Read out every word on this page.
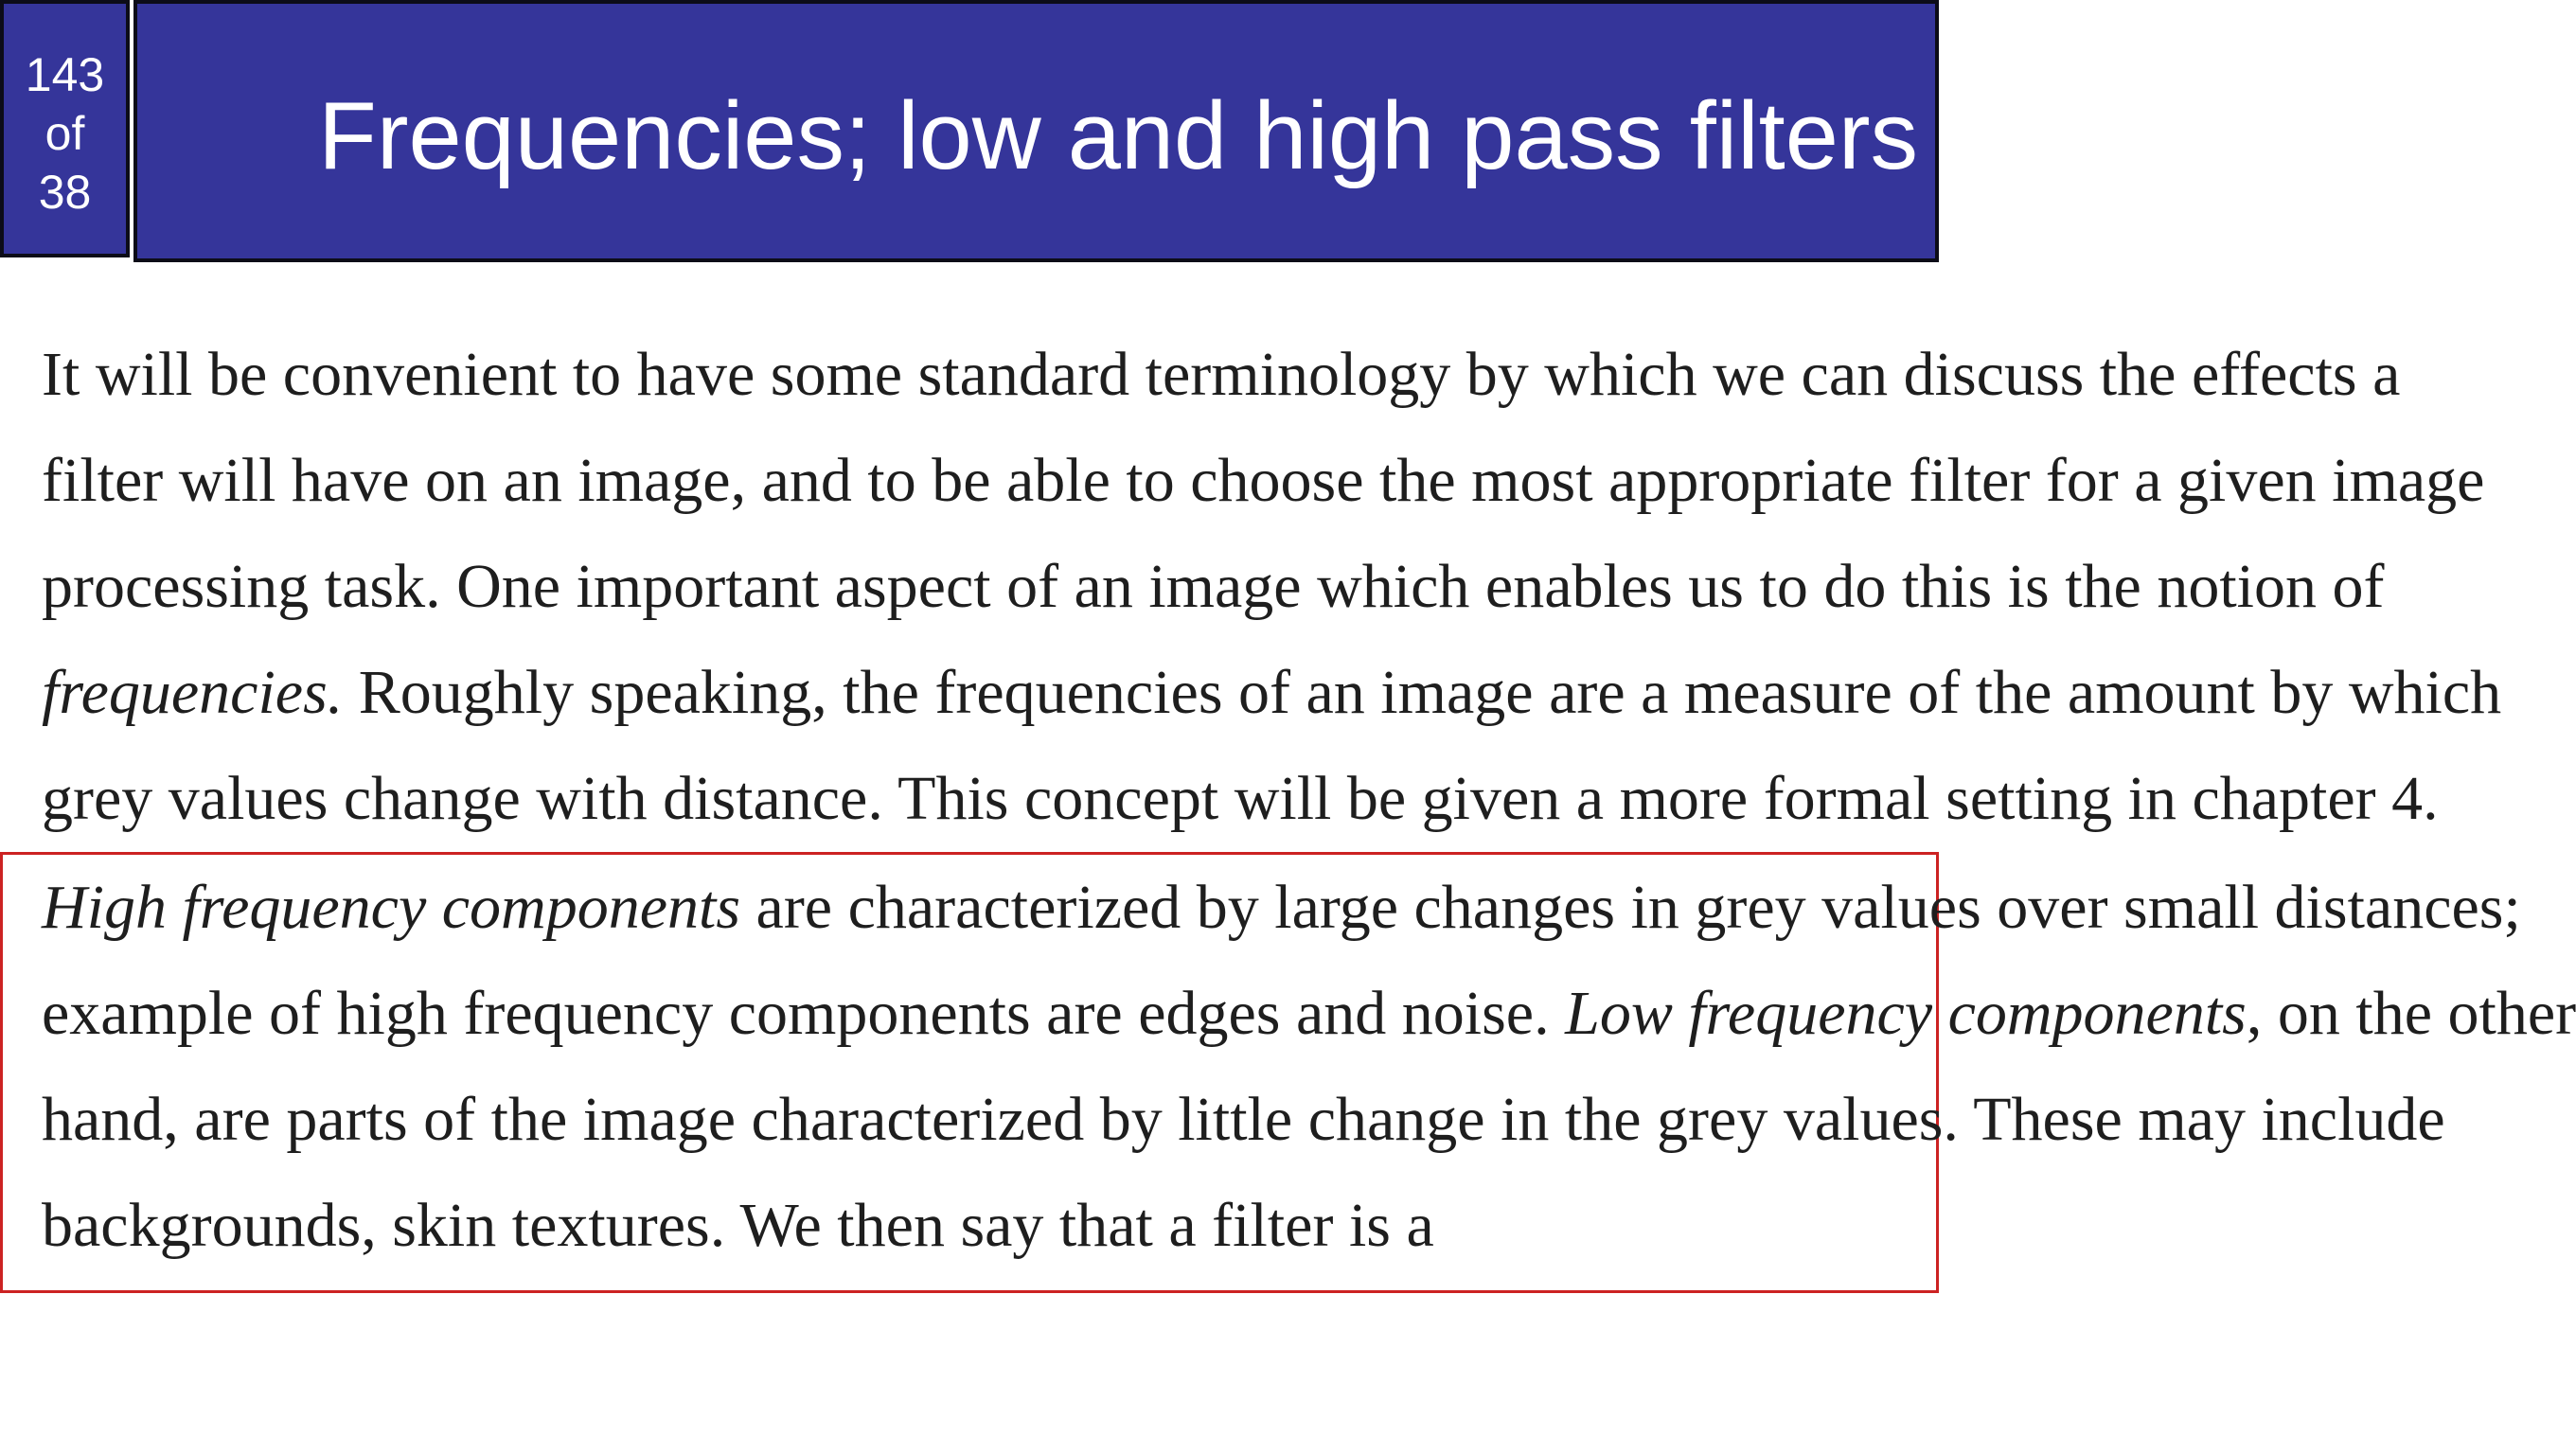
143
of
38
Frequencies; low and high pass filters
It will be convenient to have some standard terminology by which we can discuss the effects a
filter will have on an image, and to be able to choose the most appropriate filter for a given image
processing task. One important aspect of an image which enables us to do this is the notion of
frequencies. Roughly speaking, the frequencies of an image are a measure of the amount by which
grey values change with distance. This concept will be given a more formal setting in chapter 4.
High frequency components are characterized by large changes in grey values over small distances;
example of high frequency components are edges and noise. Low frequency components, on the other
hand, are parts of the image characterized by little change in the grey values. These may include
backgrounds, skin textures. We then say that a filter is a
